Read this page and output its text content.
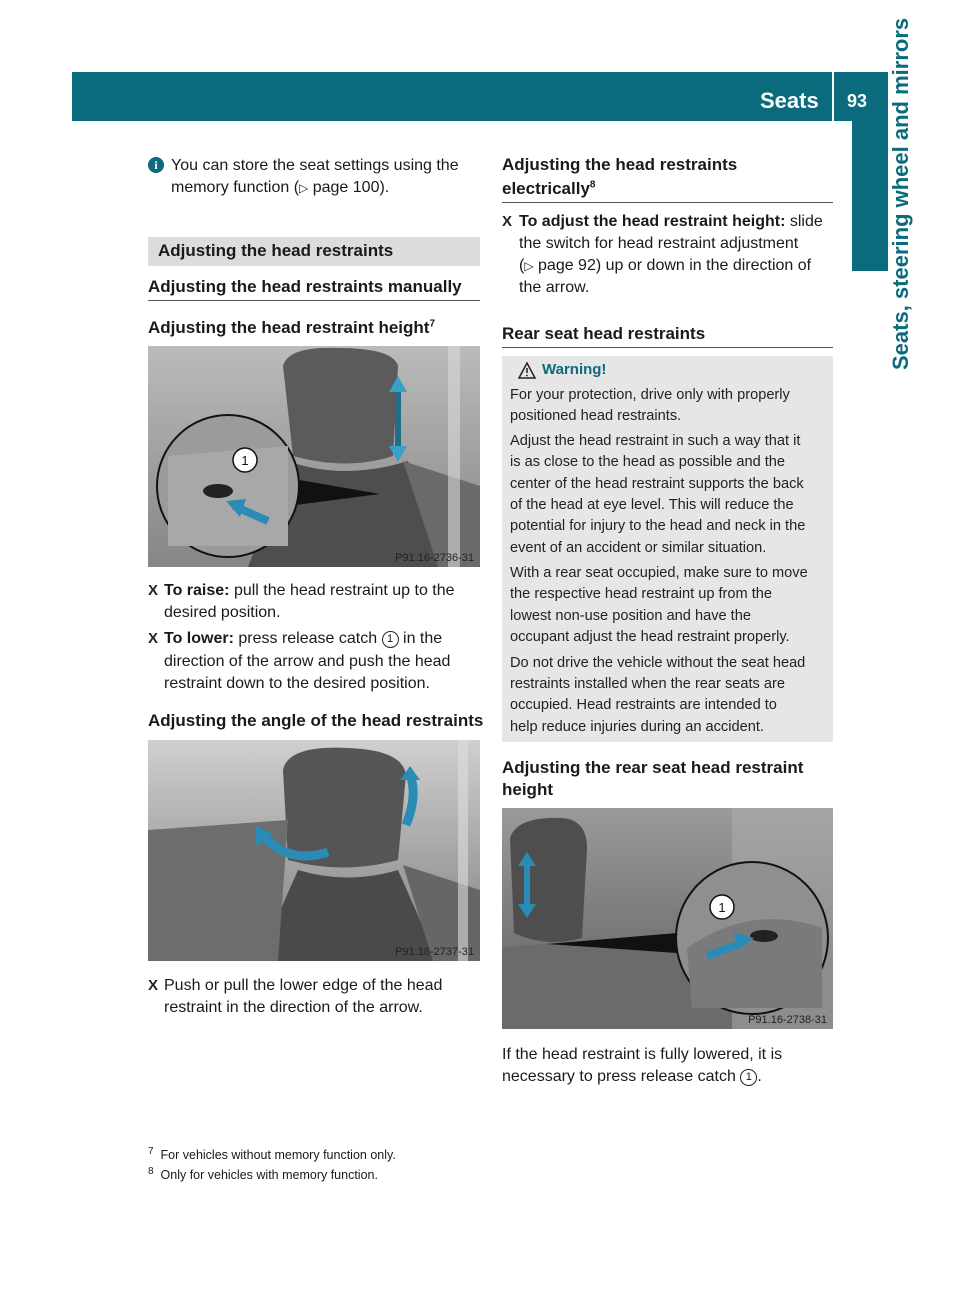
Seats 93 Seats, steering wheel and mirrors
i You can store the seat settings using the

memory function (▷ page 100).

Adjusting the head restraints
Adjusting the head restraints manually
Adjusting the head restraint height$^7$
1
P91.16-2736-31
X To raise: pull the head restraint up to the

desired position.

X To lower: press release catch 1 in the

direction of the arrow and push the head

restraint down to the desired position.

Adjusting the angle of the head restraints
P91.16-2737-31
X Push or pull the lower edge of the head

restraint in the direction of the arrow.

Adjusting the head restraints
electrically$^8$
X To adjust the head restraint height: slide

the switch for head restraint adjustment

(▷ page 92) up or down in the direction of

the arrow.

Rear seat head restraints
Warning!

For your protection, drive only with properly

positioned head restraints.

Adjust the head restraint in such a way that it

is as close to the head as possible and the

center of the head restraint supports the back

of the head at eye level. This will reduce the

potential for injury to the head and neck in the

event of an accident or similar situation.

With a rear seat occupied, make sure to move

the respective head restraint up from the

lowest non-use position and have the

occupant adjust the head restraint properly.

Do not drive the vehicle without the seat head

restraints installed when the rear seats are

occupied. Head restraints are intended to

help reduce injuries during an accident.

Adjusting the rear seat head restraint
height
1
P91.16-2738-31

If the head restraint is fully lowered, it is

necessary to press release catch 1 .

$^7$ For vehicles without memory function only.
$^8$ Only for vehicles with memory function.
